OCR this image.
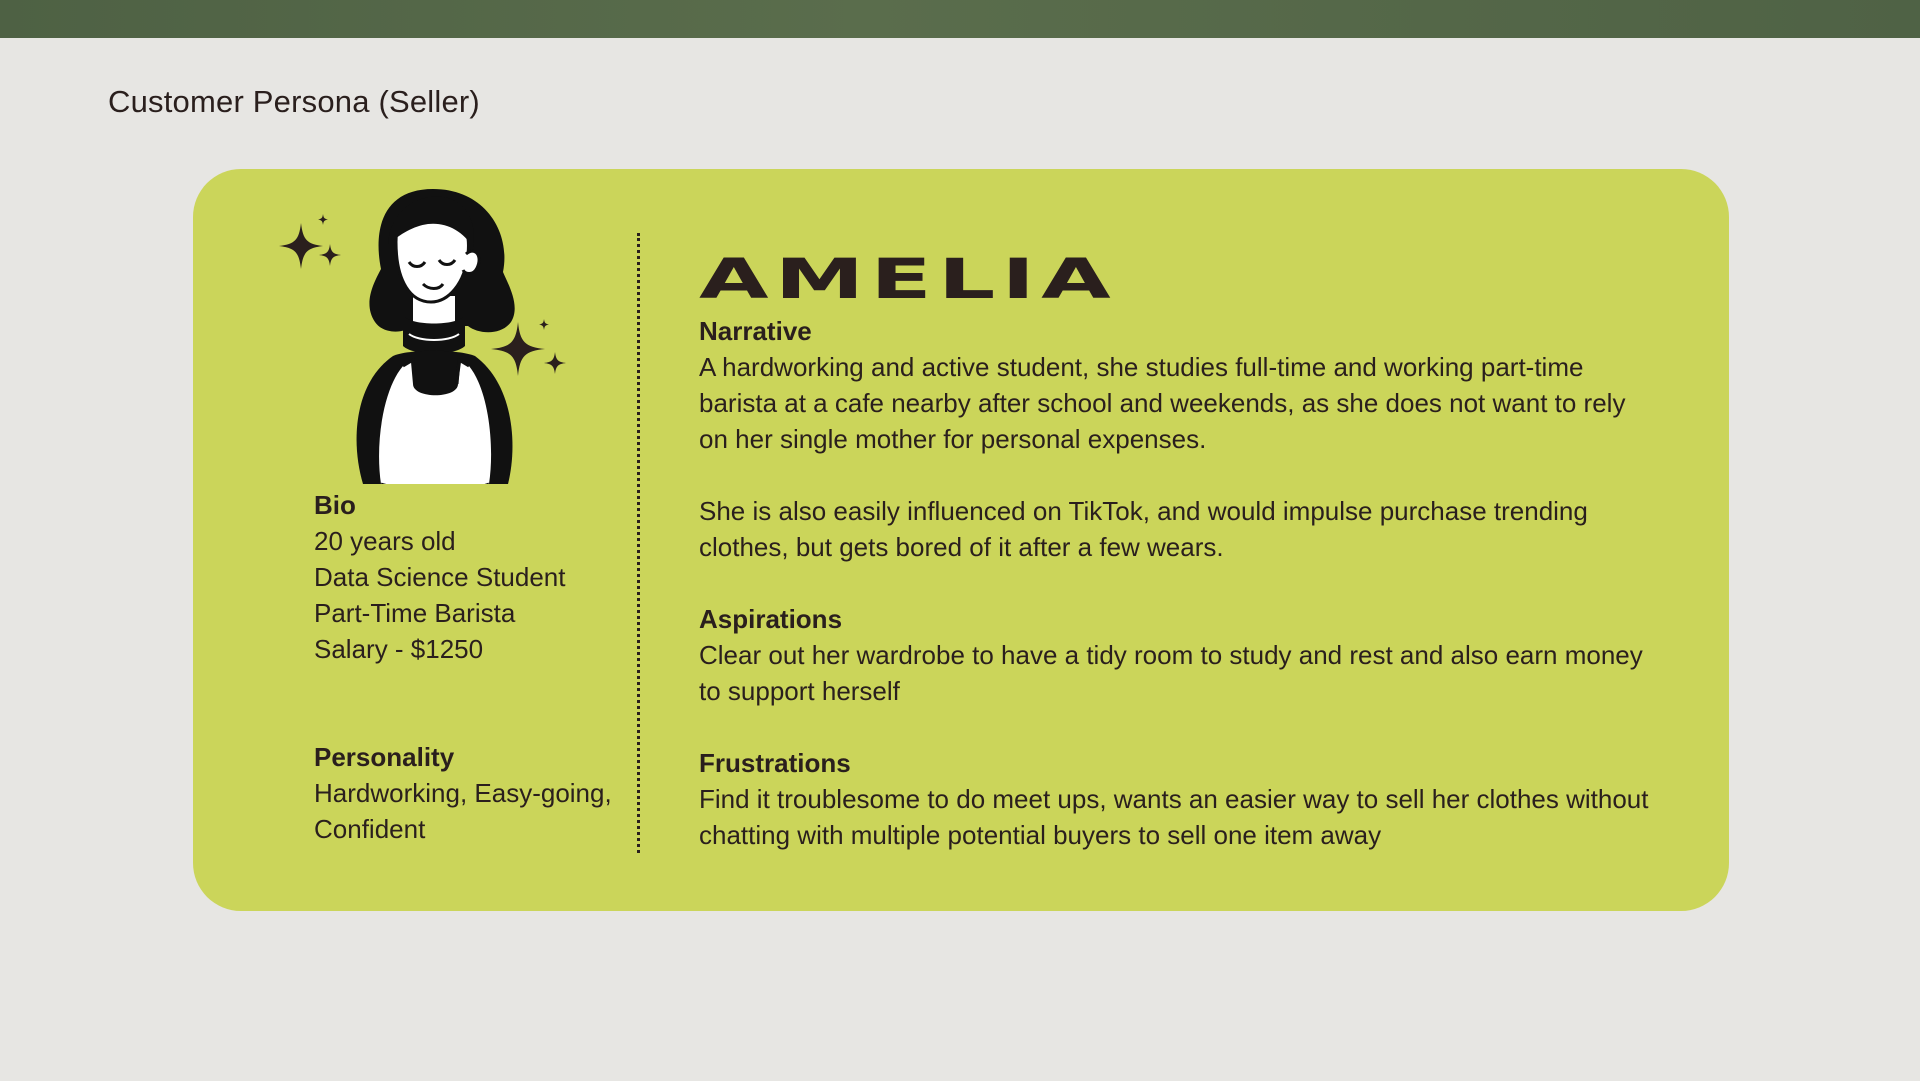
Customer Persona (Seller)

Bio

20 years old

Data Science Student

Part-Time Barista

Salary - $1250

Personality

Hardworking, Easy-going,

Confident

AMELIA

Narrative

A hardworking and active student, she studies full-time and working part-time barista at a cafe nearby after school and weekends, as she does not want to rely on her single mother for personal expenses.

She is also easily influenced on TikTok, and would impulse purchase trending clothes, but gets bored of it after a few wears.

Aspirations

Clear out her wardrobe to have a tidy room to study and rest and also earn money to support herself

Frustrations

Find it troublesome to do meet ups, wants an easier way to sell her clothes without chatting with multiple potential buyers to sell one item away
